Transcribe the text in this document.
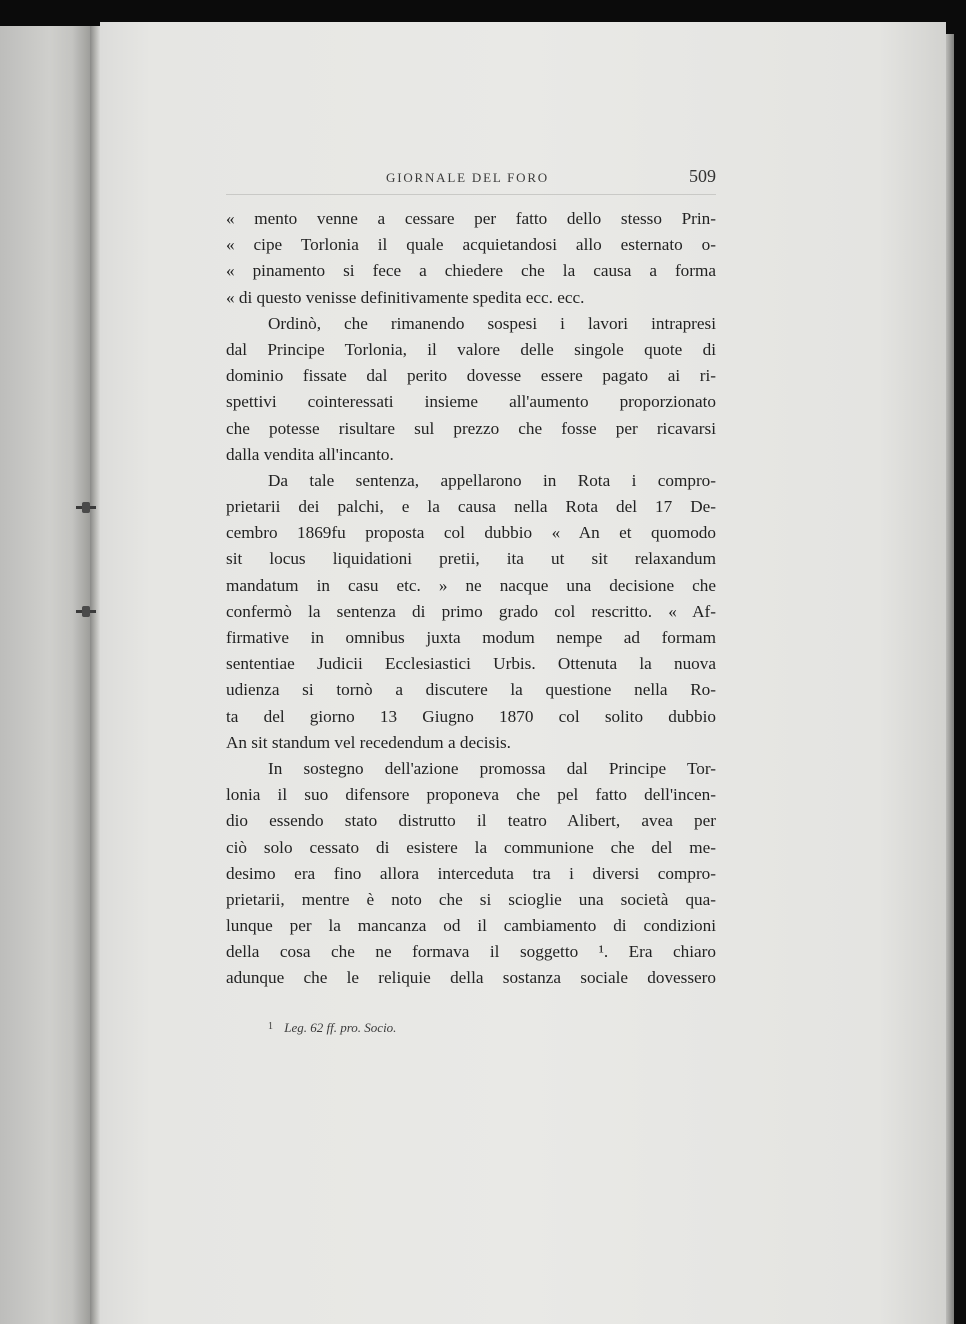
GIORNALE DEL FORO	509
« mento venne a cessare per fatto dello stesso Prin-
« cipe Torlonia il quale acquietandosi allo esternato o-
« pinamento si fece a chiedere che la causa a forma
« di questo venisse definitivamente spedita ecc. ecc.
Ordinò, che rimanendo sospesi i lavori intrapresi
dal Principe Torlonia, il valore delle singole quote di
dominio fissate dal perito dovesse essere pagato ai ri-
spettivi cointeressati insieme all'aumento proporzionato
che potesse risultare sul prezzo che fosse per ricavarsi
dalla vendita all'incanto.
Da tale sentenza, appellarono in Rota i compro-
prietarii dei palchi, e la causa nella Rota del 17 De-
cembro 1869fu proposta col dubbio « An et quomodo
sit locus liquidationi pretii, ita ut sit relaxandum
mandatum in casu etc. » ne nacque una decisione che
confermò la sentenza di primo grado col rescritto. « Af-
firmative in omnibus juxta modum nempe ad formam
sententiae Judicii Ecclesiastici Urbis. Ottenuta la nuova
udienza si tornò a discutere la questione nella Ro-
ta del giorno 13 Giugno 1870 col solito dubbio
An sit standum vel recedendum a decisis.
In sostegno dell'azione promossa dal Principe Tor-
lonia il suo difensore proponeva che pel fatto dell'incen-
dio essendo stato distrutto il teatro Alibert, avea per
ciò solo cessato di esistere la communione che del me-
desimo era fino allora interceduta tra i diversi compro-
prietarii, mentre è noto che si scioglie una società qua-
lunque per la mancanza od il cambiamento di condizioni
della cosa che ne formava il soggetto ¹. Era chiaro
adunque che le reliquie della sostanza sociale dovessero
$^1$ Leg. 62 ff. pro. Socio.
